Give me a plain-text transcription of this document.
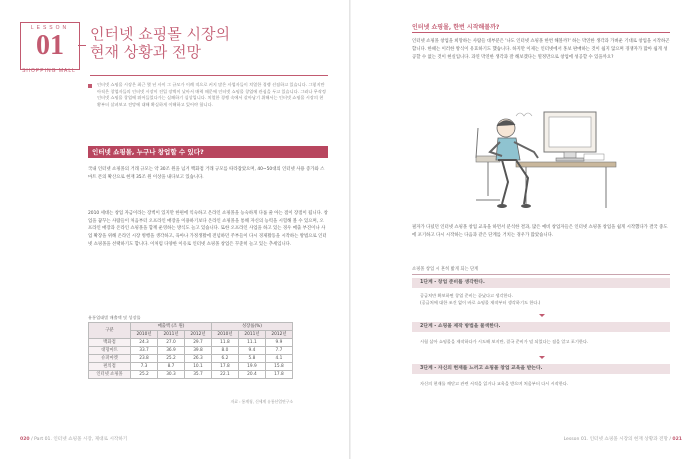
LESSON
01
SHOPPING MALL
인터넷 쇼핑몰 시장의
현재 상황과 전망
인터넷 쇼핑몰 시장은 최근 몇 년 사이 그 규모가 이례 적으로 커지 많은 사업자들이 치열한 경쟁 선점하고 있습니다. 그렇지만 아직은 창업자들의 인터넷 시장이 진입 장벽이 낮아서 매력 때문에 인터넷 쇼핑몰 창업에 관심을 두고 있습니다. 그러나 무작정 인터넷 쇼핑몰 창업에 뛰어들었다가는 실패하기 십상입니다. 치열한 경쟁 속에서 살아남기 위해서는 인터넷 쇼핑몰 시장의 현황부터 살펴보고 전망에 대해 확실하게 이해하고 있어야 합니다.
인터넷 쇼핑몰, 누구나 창업할 수 있다?
국내 인터넷 쇼핑몰의 거래 규모는 약 30조 원을 넘겨 백화점 거래 규모를 따라잡았으며, 40~50대의 인터넷 사용 증가와 스마트 폰의 확산으로 현재 35조 원 이상을 내다보고 있습니다.
2010 세대는 창업 자금이라는 장벽이 있지만 한편에 익숙하고 온라인 쇼핑몰을 능숙하게 다룰 줄 아는 점이 장점이 됩니다. 창업을 꿈꾸는 사람들이 처음부터 오프라인 매장을 이용하기보다 온라인 쇼핑몰을 통해 자신의 능력을 시험해 볼 수 있으며, 오프라인 매장과 온라인 쇼핑몰을 함께 운영하는 방식도 늘고 있습니다. 또한 오프라인 사업을 하고 있는 경우 매출 부진이나 사업 확장을 위해 온라인 시장 병행을 생각하고, 육아나 가정생활에 전념하던 주부들이 다시 경제활동을 시작하는 방법으로 인터넷 쇼핑몰을 선택하기도 합니다. 이처럼 다양한 이유로 인터넷 쇼핑몰 창업은 꾸준히 늘고 있는 추세입니다.
유통업태별 매출액 및 성장률
구분	매출액 (조 원)			성장률(%)		
	2010년	2011년	2012년	2010년	2011년	2012년
백화점	24.3	27.0	29.7	11.8	11.1	9.9
대형마트	33.7	36.9	39.8	8.0	9.4	7.7
슈퍼마켓	23.8	25.2	26.3	6.2	5.8	4.1
편의점	7.3	8.7	10.1	17.8	19.9	15.8
인터넷 쇼핑몰	25.2	30.3	35.7	22.1	20.4	17.8
자료 : 통계청, 신세계 유통산업연구소
020 / Part 01. 인터넷 쇼핑몰 시장, 제대로 시작하기
인터넷 쇼핑몰, 한번 시작해볼까?
인터넷 쇼핑몰 창업을 희망하는 사람들 대부분은 '나도 인터넷 쇼핑몰 한번 해볼까?' 하는 막연한 생각과 가벼운 기대로 창업을 시작하곤 합니다. 한때는 이러한 방식이 유효하기도 했습니다. 하지만 이제는 인터넷에서 홍보 판매하는 것이 쉽지 않으며 경쟁자가 많아 쉽게 성공할 수 없는 것이 현실입니다. 과연 막연한 생각과 잘 해보겠다는 열정만으로 창업에 성공할 수 있을까요?
필자가 다녔던 인터넷 쇼핑몰 창업 교육을 하면서 분석한 결과, 많은 예비 창업자들은 인터넷 쇼핑몰 창업을 쉽게 시작했다가 결국 중도에 포기하고 다시 시작하는 다음과 같은 단계를 거치는 경우가 많았습니다.
쇼핑몰 창업 시 흔히 밟게 되는 단계
1단계 - 창업 준비를 생각한다.
공급처만 확보하면 창업 준비는 끝났다고 생각한다.
(공급처에 대한 조건 없이 바로 쇼핑몰 제작부터 생각하기도 한다.)
2단계 - 쇼핑몰 제작 방법을 물색한다.
시험 삼아 쇼핑몰을 제작하다가 시도해 보지만, 결국 준비가 덜 되었다는 점을 알고 포기한다.
3단계 - 자신의 현재를 느끼고 쇼핑몰 창업 교육을 받는다.
자신의 현재를 깨닫고 관련 서적을 읽거나 교육을 받으며 처음부터 다시 시작한다.
Lesson 01. 인터넷 쇼핑몰 시장의 현재 상황과 전망 / 021
